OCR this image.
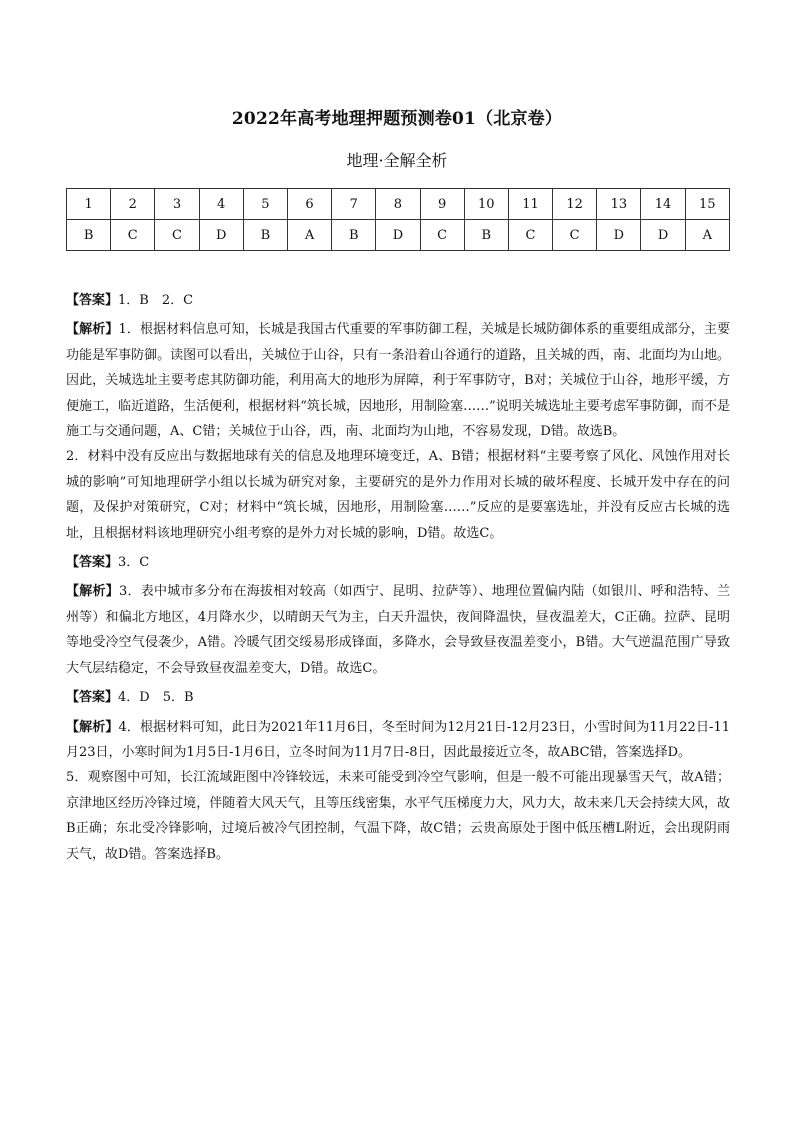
2022年高考地理押题预测卷01（北京卷）
地理·全解全析
1	2	3	4	5	6	7	8	9	10	11	12	13	14	15
B	C	C	D	B	A	B	D	C	B	C	C	D	D	A

【答案】1．B　2．C

【解析】1．根据材料信息可知，长城是我国古代重要的军事防御工程，关城是长城防御体系的重要组成部分，主要功能是军事防御。读图可以看出，关城位于山谷，只有一条沿着山谷通行的道路，且关城的西，南、北面均为山地。因此，关城选址主要考虑其防御功能，利用高大的地形为屏障，利于军事防守，B对；关城位于山谷，地形平缓，方便施工，临近道路，生活便利，根据材料“筑长城，因地形，用制险塞……”说明关城选址主要考虑军事防御，而不是施工与交通问题，A、C错；关城位于山谷，西，南、北面均为山地，不容易发现，D错。故选B。

2．材料中没有反应出与数据地球有关的信息及地理环境变迁，A、B错；根据材料“主要考察了风化、风蚀作用对长城的影响”可知地理研学小组以长城为研究对象，主要研究的是外力作用对长城的破坏程度、长城开发中存在的问题，及保护对策研究，C对；材料中“筑长城，因地形，用制险塞……”反应的是要塞选址，并没有反应古长城的选址，且根据材料该地理研究小组考察的是外力对长城的影响，D错。故选C。

【答案】3．C

【解析】3．表中城市多分布在海拔相对较高（如西宁、昆明、拉萨等）、地理位置偏内陆（如银川、呼和浩特、兰州等）和偏北方地区，4月降水少，以晴朗天气为主，白天升温快，夜间降温快，昼夜温差大，C正确。拉萨、昆明等地受冷空气侵袭少，A错。冷暖气团交绥易形成锋面，多降水，会导致昼夜温差变小，B错。大气逆温范围广导致大气层结稳定，不会导致昼夜温差变大，D错。故选C。

【答案】4．D　5．B

【解析】4．根据材料可知，此日为2021年11月6日，冬至时间为12月21日-12月23日，小雪时间为11月22日-11月23日，小寒时间为1月5日-1月6日，立冬时间为11月7日-8日，因此最接近立冬，故ABC错，答案选择D。

5．观察图中可知，长江流域距图中冷锋较远，未来可能受到冷空气影响，但是一般不可能出现暴雪天气，故A错；京津地区经历冷锋过境，伴随着大风天气，且等压线密集，水平气压梯度力大，风力大，故未来几天会持续大风，故B正确；东北受冷锋影响，过境后被冷气团控制，气温下降，故C错；云贵高原处于图中低压槽L附近，会出现阴雨天气，故D错。答案选择B。
